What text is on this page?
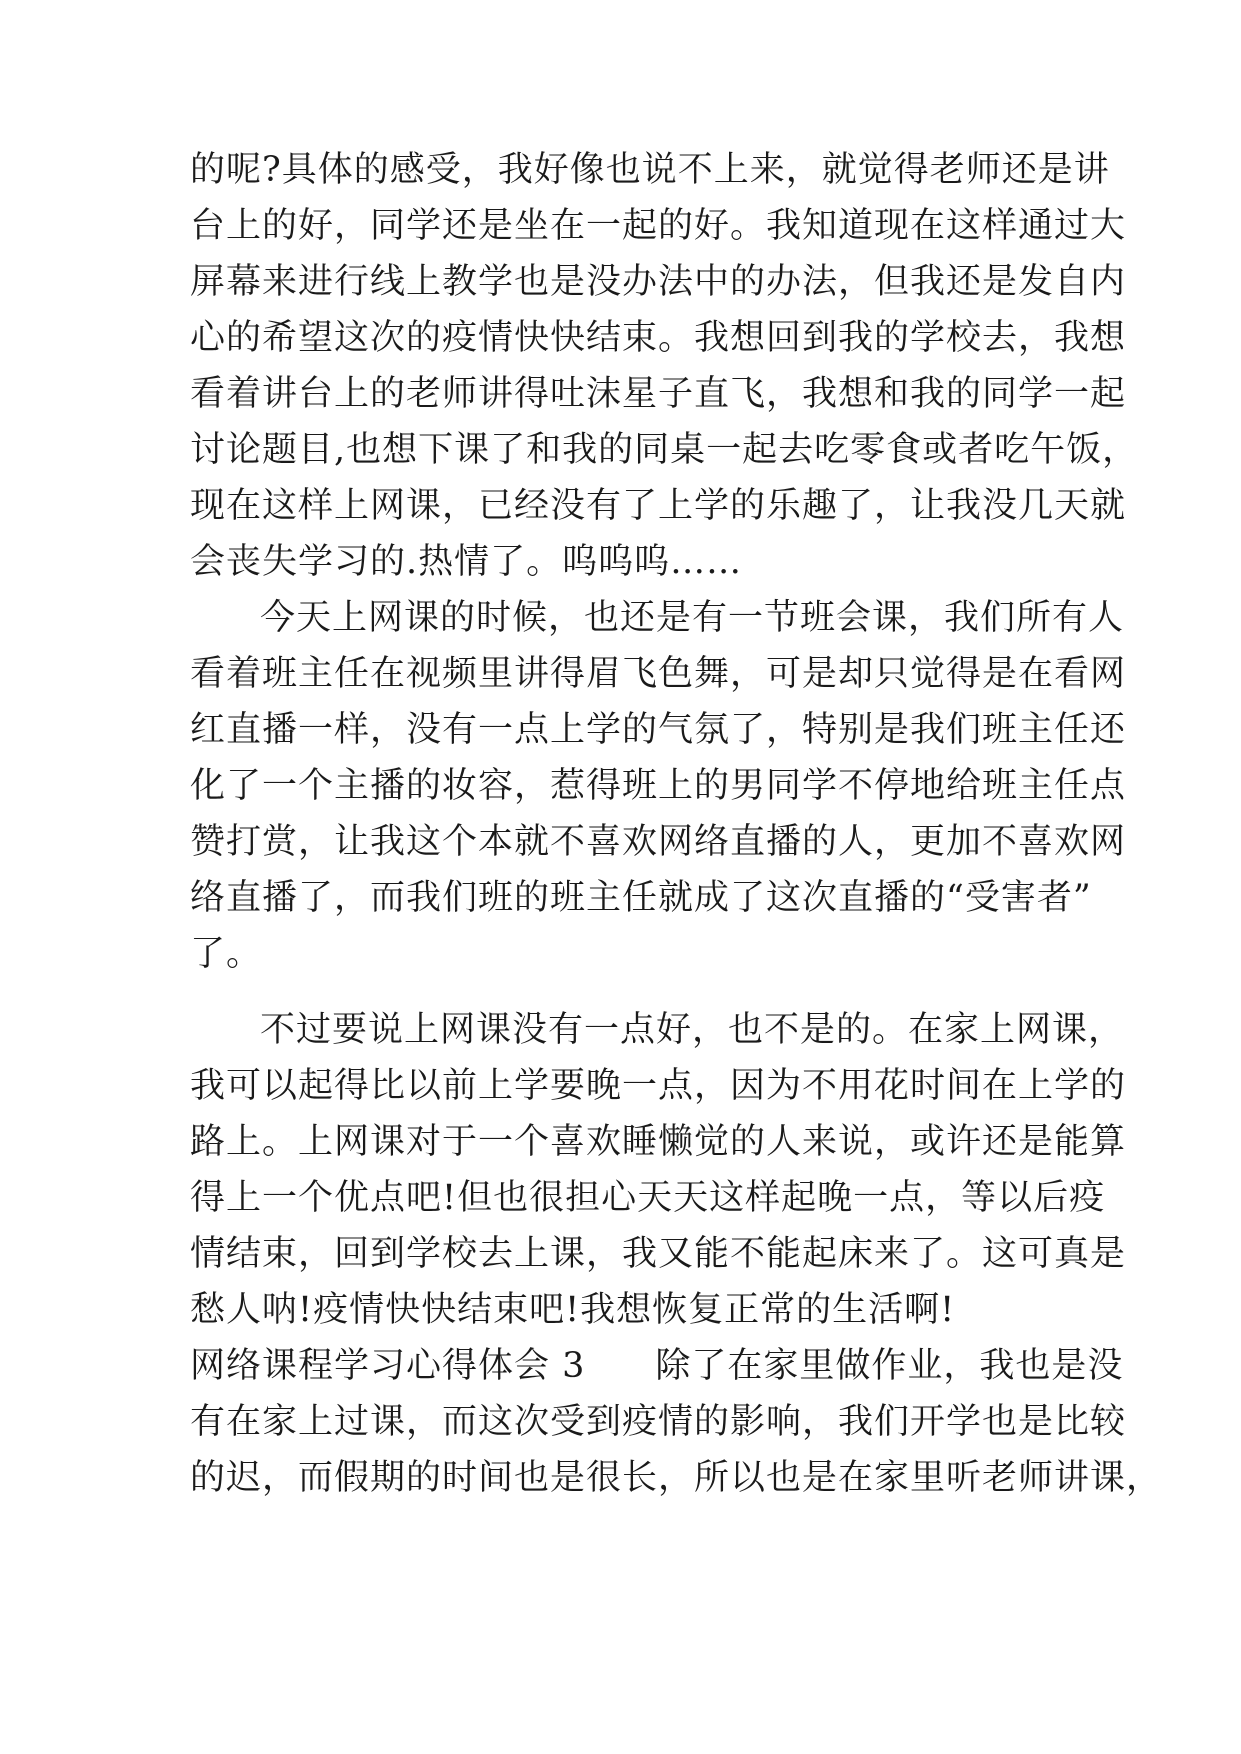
的呢?具体的感受，我好像也说不上来，就觉得老师还是讲
台上的好，同学还是坐在一起的好。我知道现在这样通过大
屏幕来进行线上教学也是没办法中的办法，但我还是发自内
心的希望这次的疫情快快结束。我想回到我的学校去，我想
看着讲台上的老师讲得吐沫星子直飞，我想和我的同学一起
讨论题目,也想下课了和我的同桌一起去吃零食或者吃午饭，
现在这样上网课，已经没有了上学的乐趣了，让我没几天就
会丧失学习的.热情了。呜呜呜……
今天上网课的时候，也还是有一节班会课，我们所有人
看着班主任在视频里讲得眉飞色舞，可是却只觉得是在看网
红直播一样，没有一点上学的气氛了，特别是我们班主任还
化了一个主播的妆容，惹得班上的男同学不停地给班主任点
赞打赏，让我这个本就不喜欢网络直播的人，更加不喜欢网
络直播了，而我们班的班主任就成了这次直播的“受害者”
了。
不过要说上网课没有一点好，也不是的。在家上网课，
我可以起得比以前上学要晚一点，因为不用花时间在上学的
路上。上网课对于一个喜欢睡懒觉的人来说，或许还是能算
得上一个优点吧!但也很担心天天这样起晚一点，等以后疫
情结束，回到学校去上课，我又能不能起床来了。这可真是
愁人呐!疫情快快结束吧!我想恢复正常的生活啊!
网络课程学习心得体会 3 除了在家里做作业，我也是没
有在家上过课，而这次受到疫情的影响，我们开学也是比较
的迟，而假期的时间也是很长，所以也是在家里听老师讲课，
